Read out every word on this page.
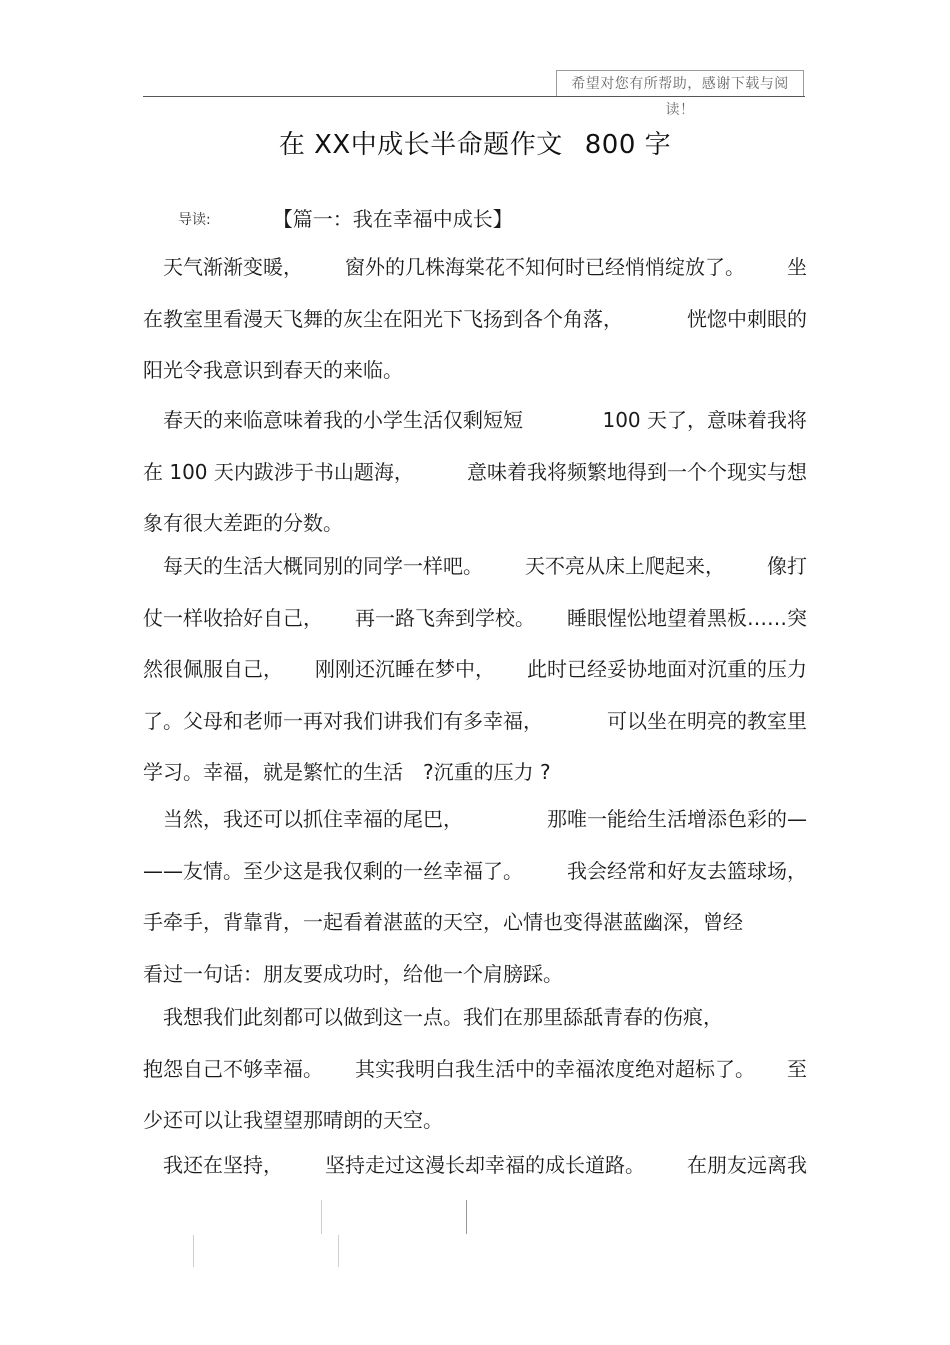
希望对您有所帮助，感谢下载与阅读！
在 XX中成长半命题作文 800 字
导读:	【篇一：我在幸福中成长】
　天气渐渐变暖， 窗外的几株海棠花不知何时已经悄悄绽放了。 坐
在教室里看漫天飞舞的灰尘在阳光下飞扬到各个角落，	恍惚中刺眼的
阳光令我意识到春天的来临。
　春天的来临意味着我的小学生活仅剩短短	100 天了，意味着我将
在 100 天内跋涉于书山题海，	意味着我将频繁地得到一个个现实与想
象有很大差距的分数。
　每天的生活大概同别的同学一样吧。 天不亮从床上爬起来， 像打
仗一样收拾好自己， 再一路飞奔到学校。 睡眼惺忪地望着黑板……突
然很佩服自己， 刚刚还沉睡在梦中， 此时已经妥协地面对沉重的压力
了。父母和老师一再对我们讲我们有多幸福，	可以坐在明亮的教室里
学习。幸福，就是繁忙的生活　?沉重的压力 ?
　当然，我还可以抓住幸福的尾巴，	那唯一能给生活增添色彩的—
——友情。至少这是我仅剩的一丝幸福了。 我会经常和好友去篮球场，
手牵手，背靠背，一起看着湛蓝的天空，心情也变得湛蓝幽深，曾经
看过一句话：朋友要成功时，给他一个肩膀踩。
　我想我们此刻都可以做到这一点。我们在那里舔舐青春的伤痕，
抱怨自己不够幸福。 其实我明白我生活中的幸福浓度绝对超标了。 至
少还可以让我望望那晴朗的天空。
　我还在坚持， 坚持走过这漫长却幸福的成长道路。 在朋友远离我
